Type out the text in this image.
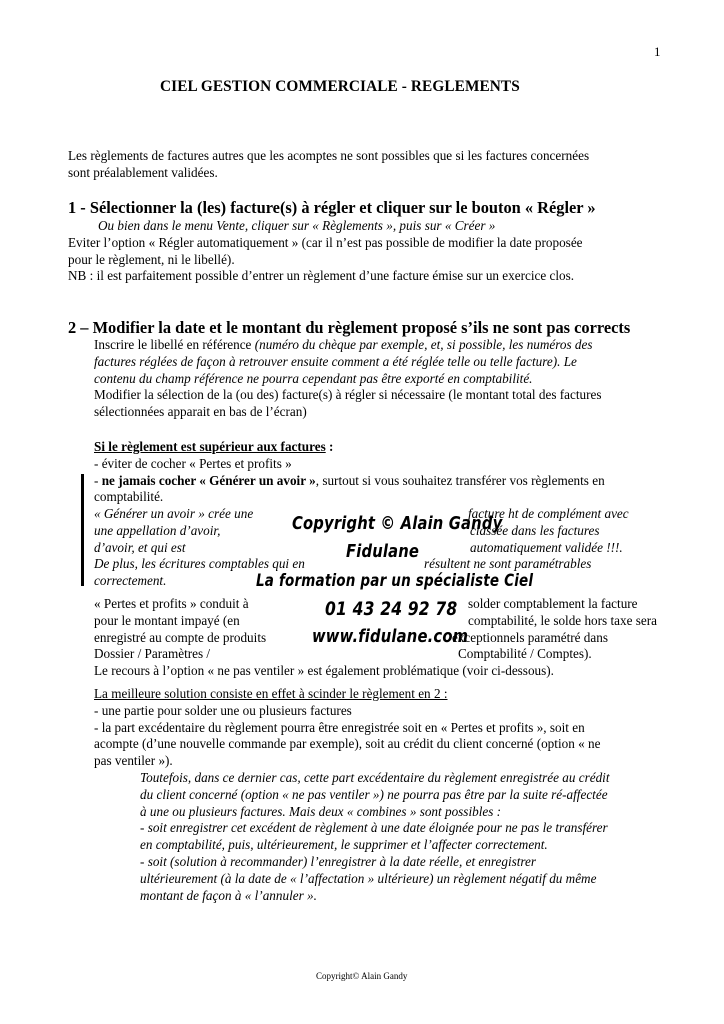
1
CIEL GESTION COMMERCIALE - REGLEMENTS
Les règlements de factures autres que les acomptes ne sont possibles que si les factures concernées
sont préalablement validées.
1 - Sélectionner la (les) facture(s) à régler et cliquer sur le bouton « Régler »
Ou bien dans le menu Vente, cliquer sur « Règlements », puis sur « Créer »
Eviter l’option « Régler automatiquement » (car il n’est pas possible de modifier la date proposée
pour le règlement, ni le libellé).
NB : il est parfaitement possible d’entrer un règlement d’une facture émise sur un exercice clos.
2 – Modifier la date et le montant du règlement proposé s’ils ne sont pas corrects
Inscrire le libellé en référence (numéro du chèque par exemple, et, si possible, les numéros des
factures réglées de façon à retrouver ensuite comment a été réglée telle ou telle facture). Le
contenu du champ référence ne pourra cependant pas être exporté en comptabilité.
Modifier la sélection de la (ou des) facture(s) à régler si nécessaire (le montant total des factures
sélectionnées apparait en bas de l’écran)
Si le règlement est supérieur aux factures :
- éviter de cocher « Pertes et profits »
- ne jamais cocher « Générer un avoir », surtout si vous souhaitez transférer vos règlements en
comptabilité.
« Générer un avoir » crée une
une appellation d’avoir,
d’avoir, et qui est
De plus, les écritures comptables qui en
correctement.
facture ht de complément avec
classée dans les factures
automatiquement validée !!!.
résultent ne sont paramétrables
« Pertes et profits » conduit à
pour le montant impayé (en
enregistré au compte de produits
Dossier / Paramètres /
solder comptablement la facture
comptabilité, le solde hors taxe sera
exceptionnels paramétré dans
Comptabilité / Comptes).
Le recours à l’option « ne pas ventiler » est également problématique (voir ci-dessous).
La meilleure solution consiste en effet à scinder le règlement en 2 :
- une partie pour solder une ou plusieurs factures
- la part excédentaire du règlement pourra être enregistrée soit en « Pertes et profits », soit en
acompte (d’une nouvelle commande par exemple), soit au crédit du client concerné (option « ne
pas ventiler »).
Toutefois, dans ce dernier cas, cette part excédentaire du règlement enregistrée au crédit
du client concerné (option « ne pas ventiler ») ne pourra pas être par la suite ré-affectée
à une ou plusieurs factures. Mais deux « combines » sont possibles :
- soit enregistrer cet excédent de règlement à une date éloignée pour ne pas le transférer
en comptabilité, puis, ultérieurement, le supprimer et l’affecter correctement.
- soit (solution à recommander) l’enregistrer à la date réelle, et enregistrer
ultérieurement (à la date de « l’affectation » ultérieure) un règlement négatif du même
montant de façon à « l’annuler ».
Copyright © Alain Gandy
Fidulane
La formation par un spécialiste Ciel
01 43 24 92 78
www.fidulane.com
Copyright© Alain Gandy
